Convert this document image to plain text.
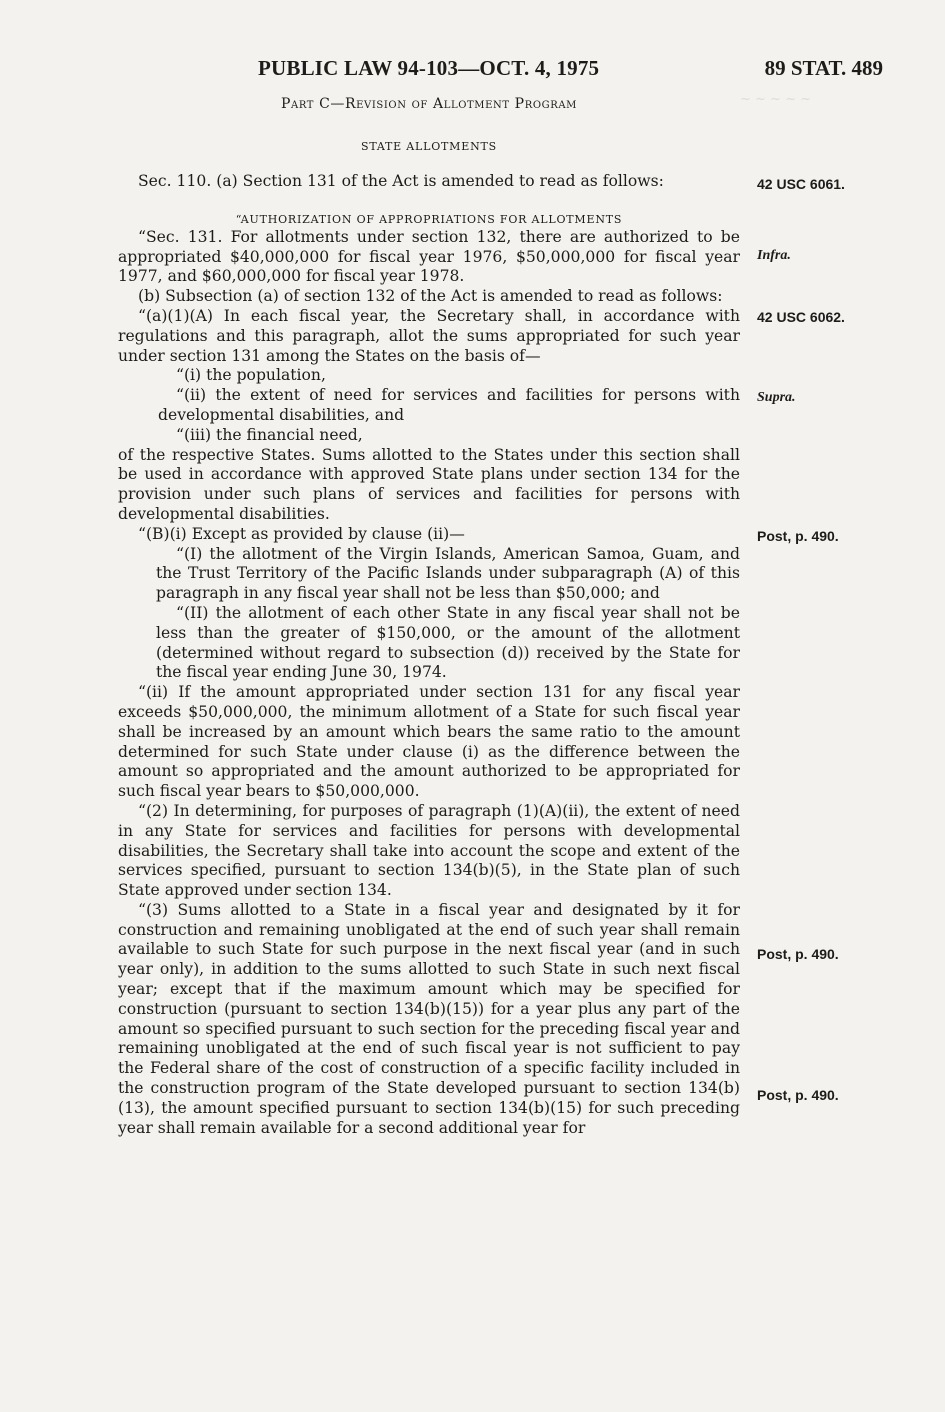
~ ~ ~ ~ ~
PUBLIC LAW 94-103—OCT. 4, 1975	89 STAT. 489
Part C—Revision of Allotment Program
STATE ALLOTMENTS

Sec. 110. (a) Section 131 of the Act is amended to read as follows:

“Sec. 131. For allotments under section 132, there are authorized to be appropriated $40,000,000 for fiscal year 1976, $50,000,000 for fiscal year 1977, and $60,000,000 for fiscal year 1978.

(b) Subsection (a) of section 132 of the Act is amended to read as follows:

“(a)(1)(A) In each fiscal year, the Secretary shall, in accordance with regulations and this paragraph, allot the sums appropriated for such year under section 131 among the States on the basis of—

“(i) the population,

“(ii) the extent of need for services and facilities for persons with developmental disabilities, and

“(iii) the financial need,

of the respective States. Sums allotted to the States under this section shall be used in accordance with approved State plans under section 134 for the provision under such plans of services and facilities for persons with developmental disabilities.

“(B)(i) Except as provided by clause (ii)—

“(I) the allotment of the Virgin Islands, American Samoa, Guam, and the Trust Territory of the Pacific Islands under subparagraph (A) of this paragraph in any fiscal year shall not be less than $50,000; and

“(II) the allotment of each other State in any fiscal year shall not be less than the greater of $150,000, or the amount of the allotment (determined without regard to subsection (d)) received by the State for the fiscal year ending June 30, 1974.

“(ii) If the amount appropriated under section 131 for any fiscal year exceeds $50,000,000, the minimum allotment of a State for such fiscal year shall be increased by an amount which bears the same ratio to the amount determined for such State under clause (i) as the difference between the amount so appropriated and the amount authorized to be appropriated for such fiscal year bears to $50,000,000.

“(2) In determining, for purposes of paragraph (1)(A)(ii), the extent of need in any State for services and facilities for persons with developmental disabilities, the Secretary shall take into account the scope and extent of the services specified, pursuant to section 134(b)(5), in the State plan of such State approved under section 134.

“(3) Sums allotted to a State in a fiscal year and designated by it for construction and remaining unobligated at the end of such year shall remain available to such State for such purpose in the next fiscal year (and in such year only), in addition to the sums allotted to such State in such next fiscal year; except that if the maximum amount which may be specified for construction (pursuant to section 134(b)(15)) for a year plus any part of the amount so specified pursuant to such section for the preceding fiscal year and remaining unobligated at the end of such fiscal year is not sufficient to pay the Federal share of the cost of construction of a specific facility included in the construction program of the State developed pursuant to section 134(b)(13), the amount specified pursuant to section 134(b)(15) for such preceding year shall remain available for a second additional year for

“AUTHORIZATION OF APPROPRIATIONS FOR ALLOTMENTS
42 USC 6061.
Infra.
42 USC 6062.
Supra.
Post, p. 490.
Post, p. 490.
Post, p. 490.
